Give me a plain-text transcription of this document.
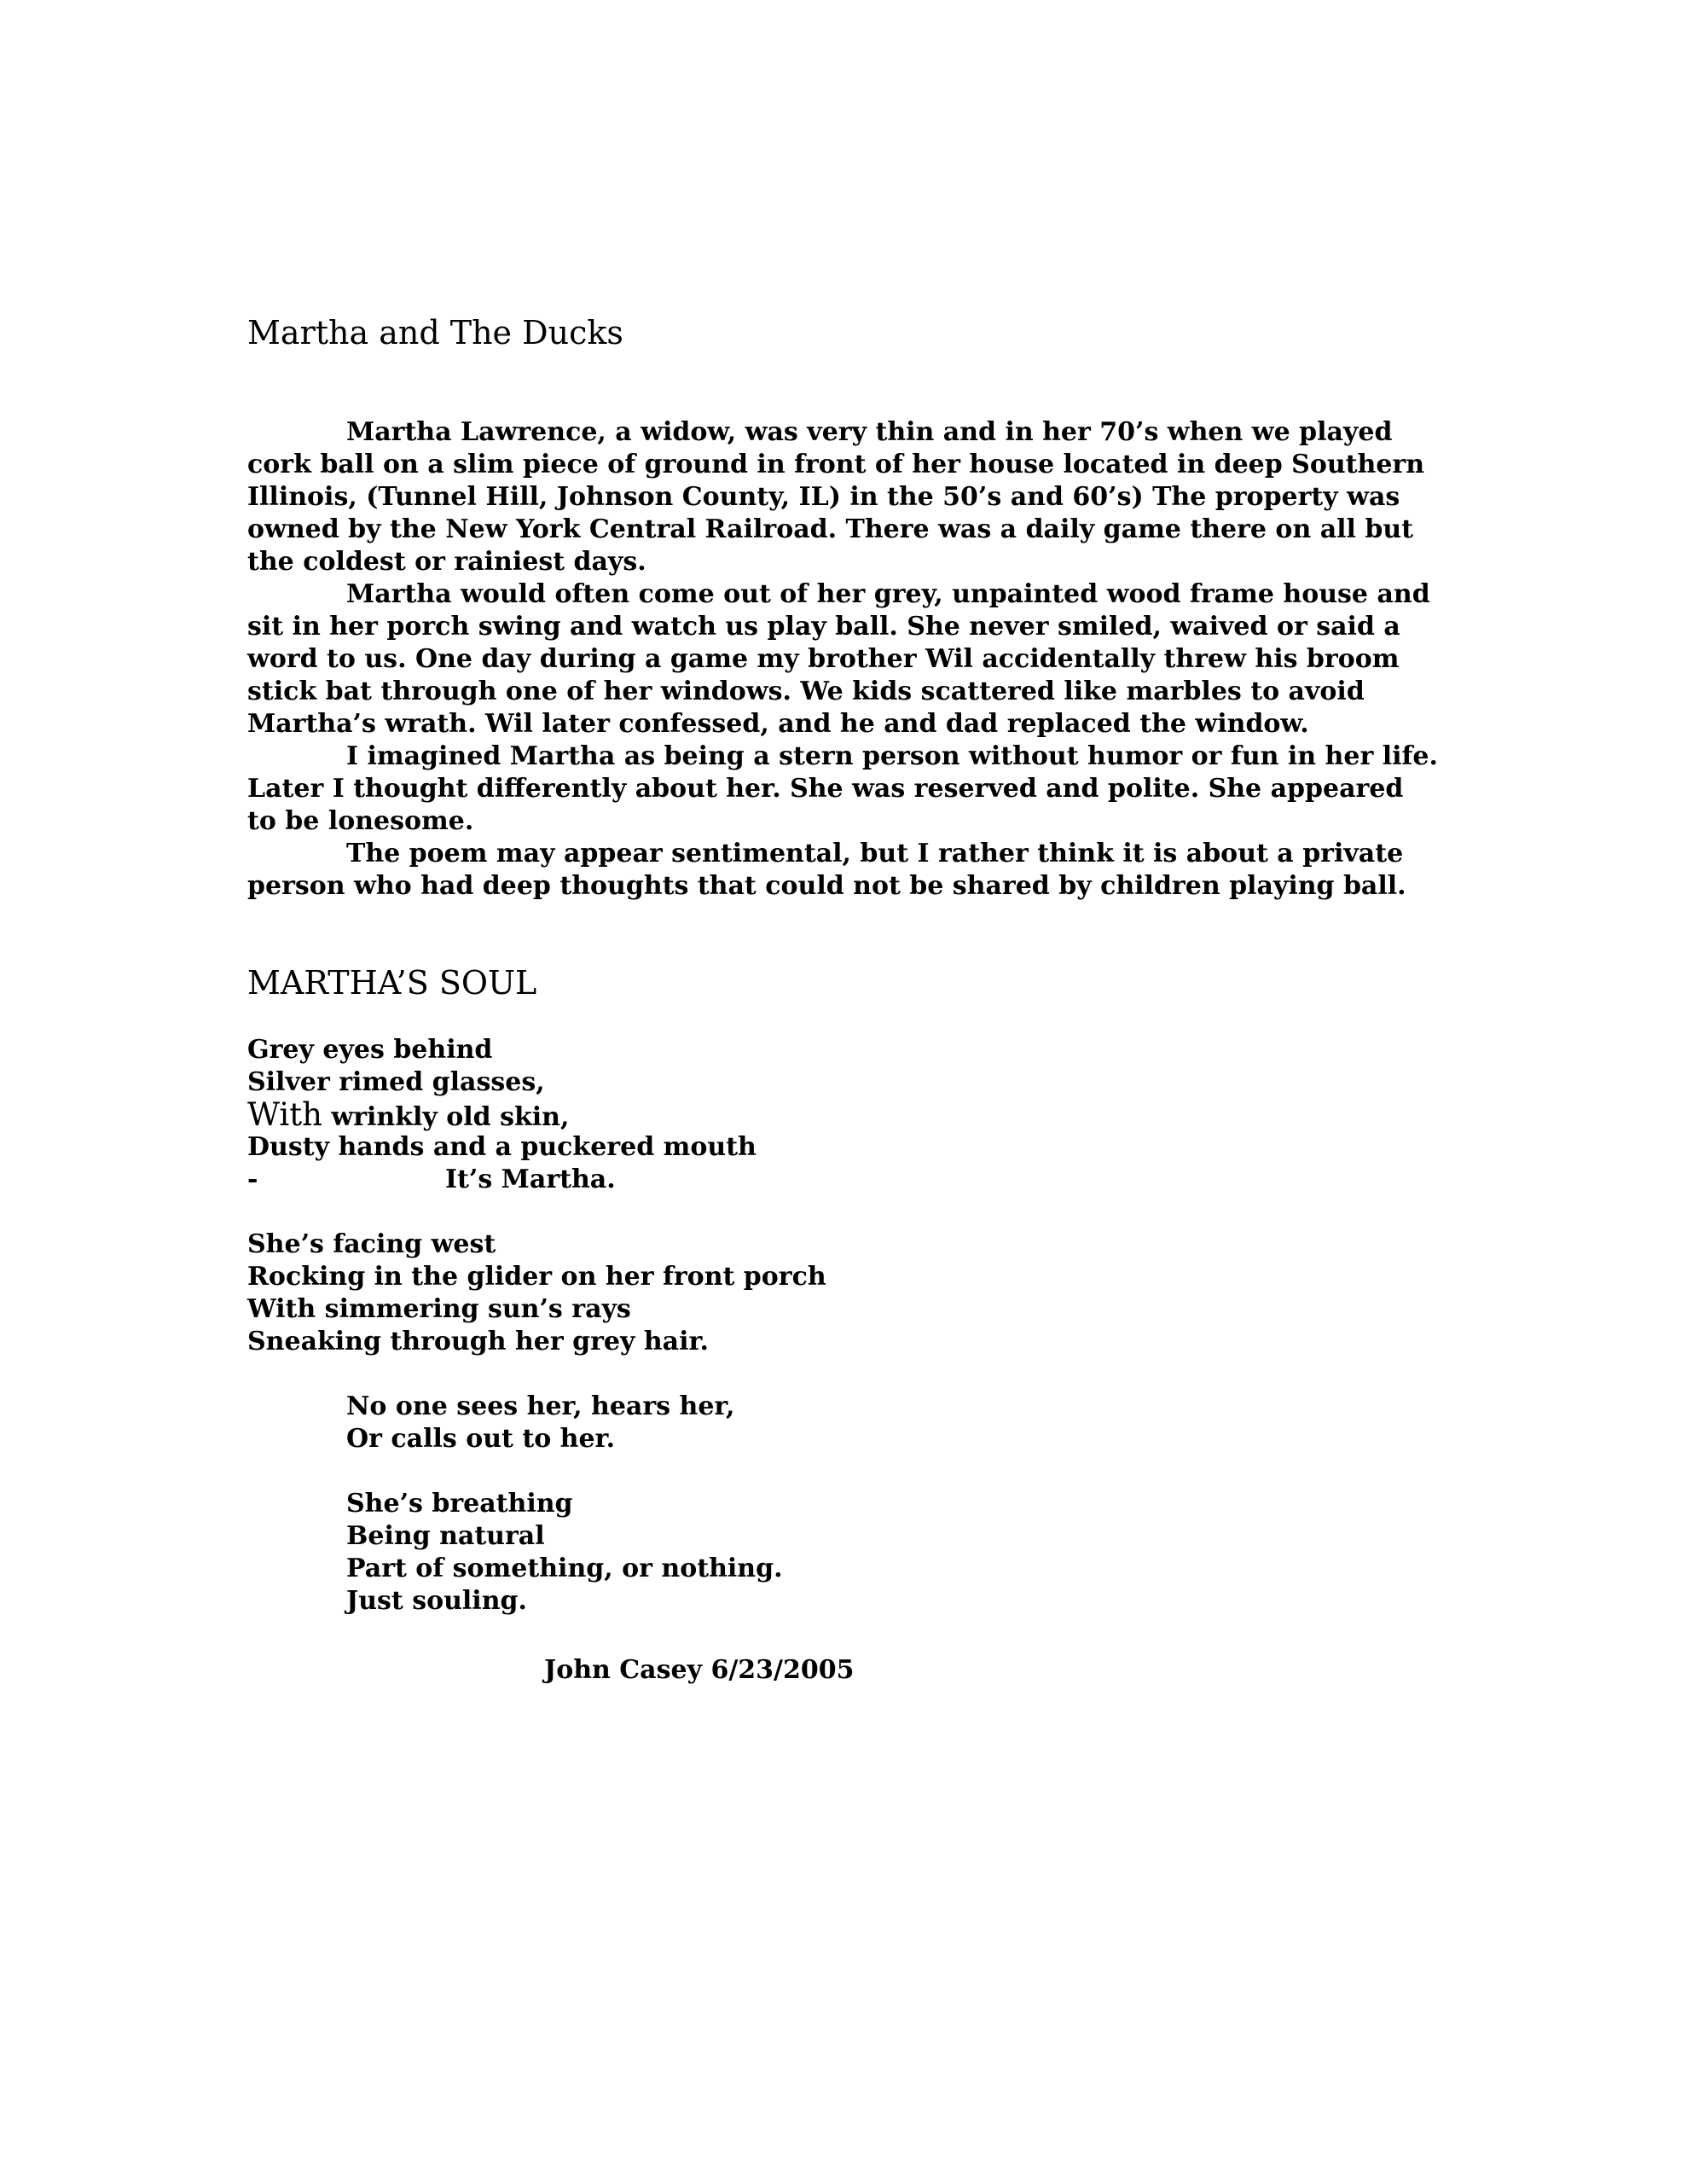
Martha and The Ducks
Martha Lawrence, a widow, was very thin and in her 70’s when we played
cork ball on a slim piece of ground in front of her house located in deep Southern
Illinois, (Tunnel Hill, Johnson County, IL) in the 50’s and 60’s) The property was
owned by the New York Central Railroad. There was a daily game there on all but
the coldest or rainiest days.
Martha would often come out of her grey, unpainted wood frame house and
sit in her porch swing and watch us play ball. She never smiled, waived or said a
word to us. One day during a game my brother Wil accidentally threw his broom
stick bat through one of her windows. We kids scattered like marbles to avoid
Martha’s wrath. Wil later confessed, and he and dad replaced the window.
I imagined Martha as being a stern person without humor or fun in her life.
Later I thought differently about her. She was reserved and polite. She appeared
to be lonesome.
The poem may appear sentimental, but I rather think it is about a private
person who had deep thoughts that could not be shared by children playing ball.
MARTHA’S SOUL
Grey eyes behind
Silver rimed glasses,
With wrinkly old skin,
Dusty hands and a puckered mouth
-	It’s Martha.
She’s facing west
Rocking in the glider on her front porch
With simmering sun’s rays
Sneaking through her grey hair.
No one sees her, hears her,
Or calls out to her.
She’s breathing
Being natural
Part of something, or nothing.
Just souling.

John Casey 6/23/2005
